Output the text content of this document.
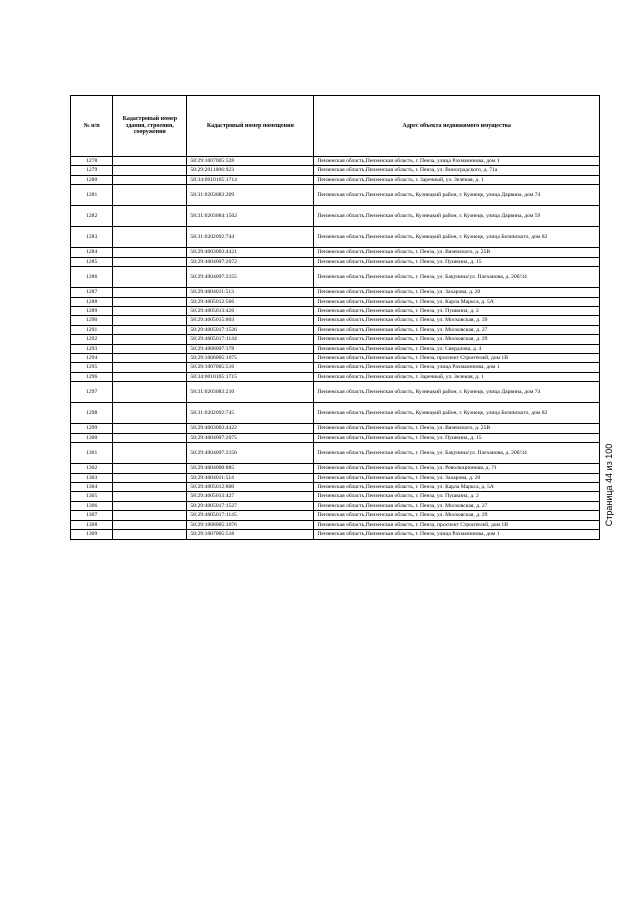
№ п/п	Кадастровый номер здания, строения, сооружения	Кадастровый номер помещения	Адрес объекта недвижимого имущества
1278		58:29:1007005:528	Пензенская область,Пензенская область, г. Пенза, улица Рахманинова, дом 1
1279		58:29:2011006:923	Пензенская область,Пензенская область, г. Пенза, ул. Виноградского, д. 71а
1280		58:34:0010105:1714	Пензенская область,Пензенская область, г. Заречный, ул. Зеленая, д. 1
1281		58:31:0203083:209	Пензенская область,Пензенская область, Кузнецкий район, г. Кузнецк, улица Дарвина, дом 74
1282		58:31:0203084:1562	Пензенская область,Пензенская область, Кузнецкий район, г. Кузнецк, улица Дарвина, дом 59
1283		58:31:0202092:744	Пензенская область,Пензенская область, Кузнецкий район, г. Кузнецк, улица Белинского, дом 82
1284		58:29:4003003:4421	Пензенская область,Пензенская область, г. Пенза, ул. Вяземского, д. 25В
1285		58:29:4004007:2072	Пензенская область,Пензенская область, г. Пенза, ул. Пушкина, д. 15
1286		58:29:4004007:2155	Пензенская область,Пензенская область, г. Пенза, ул. Бакунина/ул. Плеханова, д. 20б/34
1287		58:29:4004011:513	Пензенская область,Пензенская область, г. Пенза, ул. Захарова, д. 20
1288		58:29:4005012:566	Пензенская область,Пензенская область, г. Пенза, ул. Карла Маркса, д. 5А
1289		58:29:4005013:426	Пензенская область,Пензенская область, г. Пенза, ул. Пушкина, д. 2
1290		58:29:4005015:803	Пензенская область,Пензенская область, г. Пенза, ул. Московская, д. 39
1291		58:29:4005017:1526	Пензенская область,Пензенская область, г. Пенза, ул. Московская, д. 27
1292		58:29:4005017:1144	Пензенская область,Пензенская область, г. Пенза, ул. Московская, д. 29
1293		58:29:4006007:378	Пензенская область,Пензенская область, г. Пенза, ул. Свердлова, д. 4
1294		58:29:1006005:1075	Пензенская область,Пензенская область, г. Пенза, проспект Строителей, дом 1В
1295		58:29:1007005:516	Пензенская область,Пензенская область, г. Пенза, улица Рахманинова, дом 1
1296		58:34:0010105:1715	Пензенская область,Пензенская область, г. Заречный, ул. Зеленая, д. 1
1297		58:31:0203083:210	Пензенская область,Пензенская область, Кузнецкий район, г. Кузнецк, улица Дарвина, дом 74
1298		58:31:0202092:745	Пензенская область,Пензенская область, Кузнецкий район, г. Кузнецк, улица Белинского, дом 82
1299		58:29:4003003:4422	Пензенская область,Пензенская область, г. Пенза, ул. Вяземского, д. 25В
1300		58:29:4004007:2075	Пензенская область,Пензенская область, г. Пенза, ул. Пушкина, д. 15
1301		58:29:4004007:2156	Пензенская область,Пензенская область, г. Пенза, ул. Бакунина/ул. Плеханова, д. 20б/34
1302		58:29:4004008:885	Пензенская область,Пензенская область, г. Пенза, ул. Революционная, д. 71
1303		58:29:4004011:514	Пензенская область,Пензенская область, г. Пенза, ул. Захарова, д. 20
1304		58:29:4005012:800	Пензенская область,Пензенская область, г. Пенза, ул. Карла Маркса, д. 5А
1305		58:29:4005013:427	Пензенская область,Пензенская область, г. Пенза, ул. Пушкина, д. 2
1306		58:29:4005017:1527	Пензенская область,Пензенская область, г. Пенза, ул. Московская, д. 27
1307		58:29:4005017:1145	Пензенская область,Пензенская область, г. Пенза, ул. Московская, д. 29
1308		58:29:1006005:1076	Пензенская область,Пензенская область, г. Пенза, проспект Строителей, дом 1В
1309		58:29:1007005:518	Пензенская область,Пензенская область, г. Пенза, улица Рахманинова, дом 1
Страница 44 из 100
